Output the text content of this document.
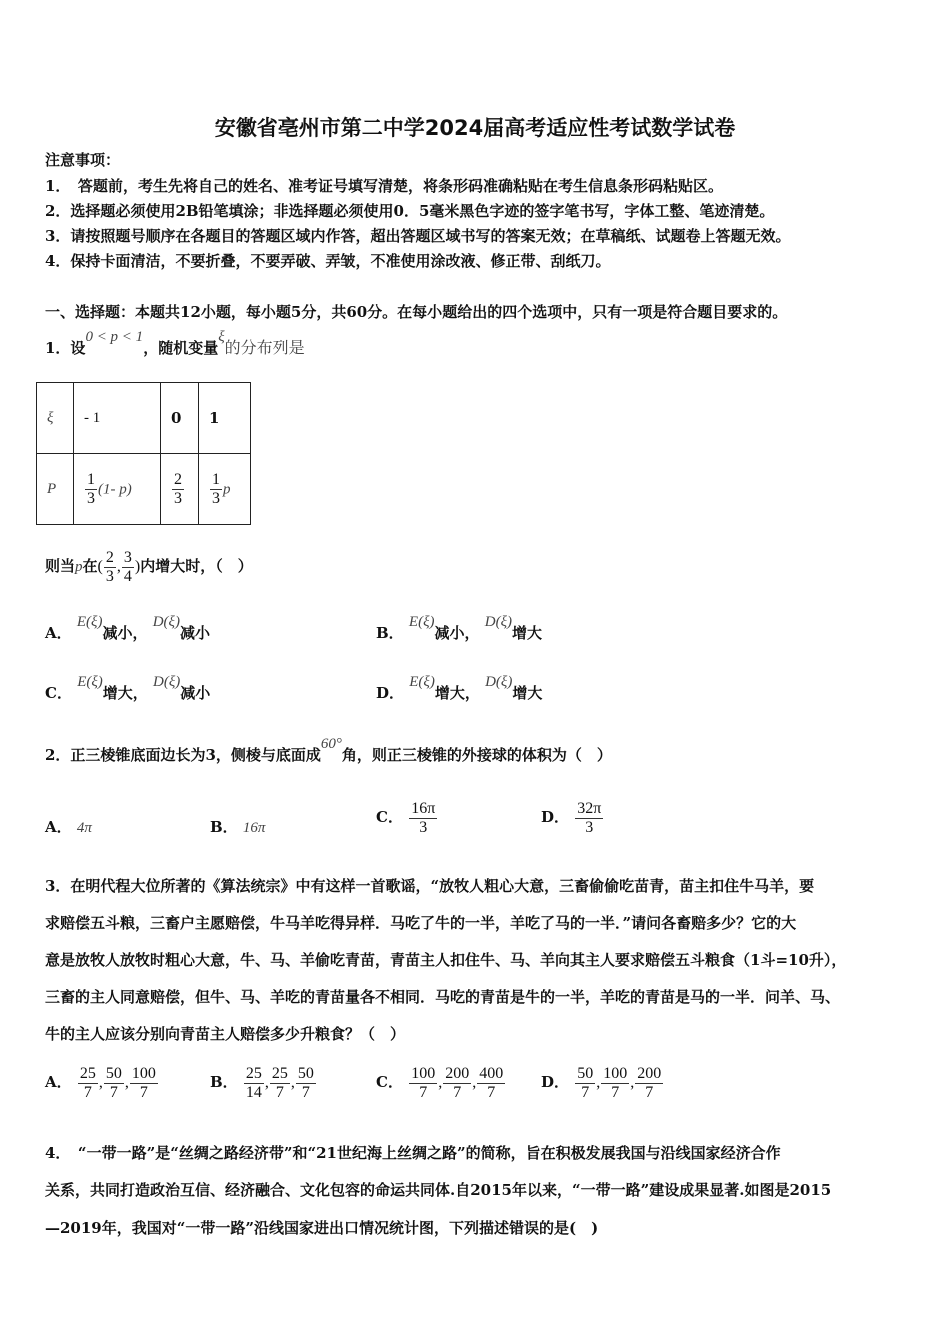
安徽省亳州市第二中学2024届高考适应性考试数学试卷
注意事项：
1．　答题前，考生先将自己的姓名、准考证号填写清楚，将条形码准确粘贴在考生信息条形码粘贴区。
2．选择题必须使用2B铅笔填涂；非选择题必须使用0．5毫米黑色字迹的签字笔书写，字体工整、笔迹清楚。
3．请按照题号顺序在各题目的答题区域内作答，超出答题区域书写的答案无效；在草稿纸、试题卷上答题无效。
4．保持卡面清洁，不要折叠，不要弄破、弄皱，不准使用涂改液、修正带、刮纸刀。
一、选择题：本题共12小题，每小题5分，共60分。在每小题给出的四个选项中，只有一项是符合题目要求的。
1．设0 < p < 1，随机变量ξ的分布列是
ξ	- 1	0	1
P	$\frac{1}{3} (1-$ p)	$\frac{2}{3}$	$\frac{1}{3}$ p
则当p在( $\frac{2}{3}$ , $\frac{3}{4}$ )内增大时，（　）
A． E(ξ)减小， D(ξ)减小	B． E(ξ)减小， D(ξ)增大
C． E(ξ)增大， D(ξ)减小	D． E(ξ)增大， D(ξ)增大
2．正三棱锥底面边长为3，侧棱与底面成60°角，则正三棱锥的外接球的体积为（　）
A． 4π	B． 16π
C． $\frac{16\pi}{3}$	D． $\frac{32\pi}{3}$
3．在明代程大位所著的《算法统宗》中有这样一首歌谣，“放牧人粗心大意，三畜偷偷吃苗青，苗主扣住牛马羊，要
求赔偿五斗粮，三畜户主愿赔偿，牛马羊吃得异样．马吃了牛的一半，羊吃了马的一半．”请问各畜赔多少？它的大
意是放牧人放牧时粗心大意，牛、马、羊偷吃青苗，青苗主人扣住牛、马、羊向其主人要求赔偿五斗粮食（1斗=10升），
三畜的主人同意赔偿，但牛、马、羊吃的青苗量各不相同．马吃的青苗是牛的一半，羊吃的青苗是马的一半．问羊、马、
牛的主人应该分别向青苗主人赔偿多少升粮食？（　）
A． $\frac{25}{7}$ , $\frac{50}{7}$ , $\frac{100}{7}$	B． $\frac{25}{14}$ , $\frac{25}{7}$ , $\frac{50}{7}$	C． $\frac{100}{7}$ , $\frac{200}{7}$ , $\frac{400}{7}$ D． $\frac{50}{7}$ , $\frac{100}{7}$ , $\frac{200}{7}$
4．　“一带一路”是“丝绸之路经济带”和“21世纪海上丝绸之路”的简称，旨在积极发展我国与沿线国家经济合作
关系，共同打造政治互信、经济融合、文化包容的命运共同体.自2015年以来，“一带一路”建设成果显著.如图是2015
—2019年，我国对“一带一路”沿线国家进出口情况统计图，下列描述错误的是(　)
